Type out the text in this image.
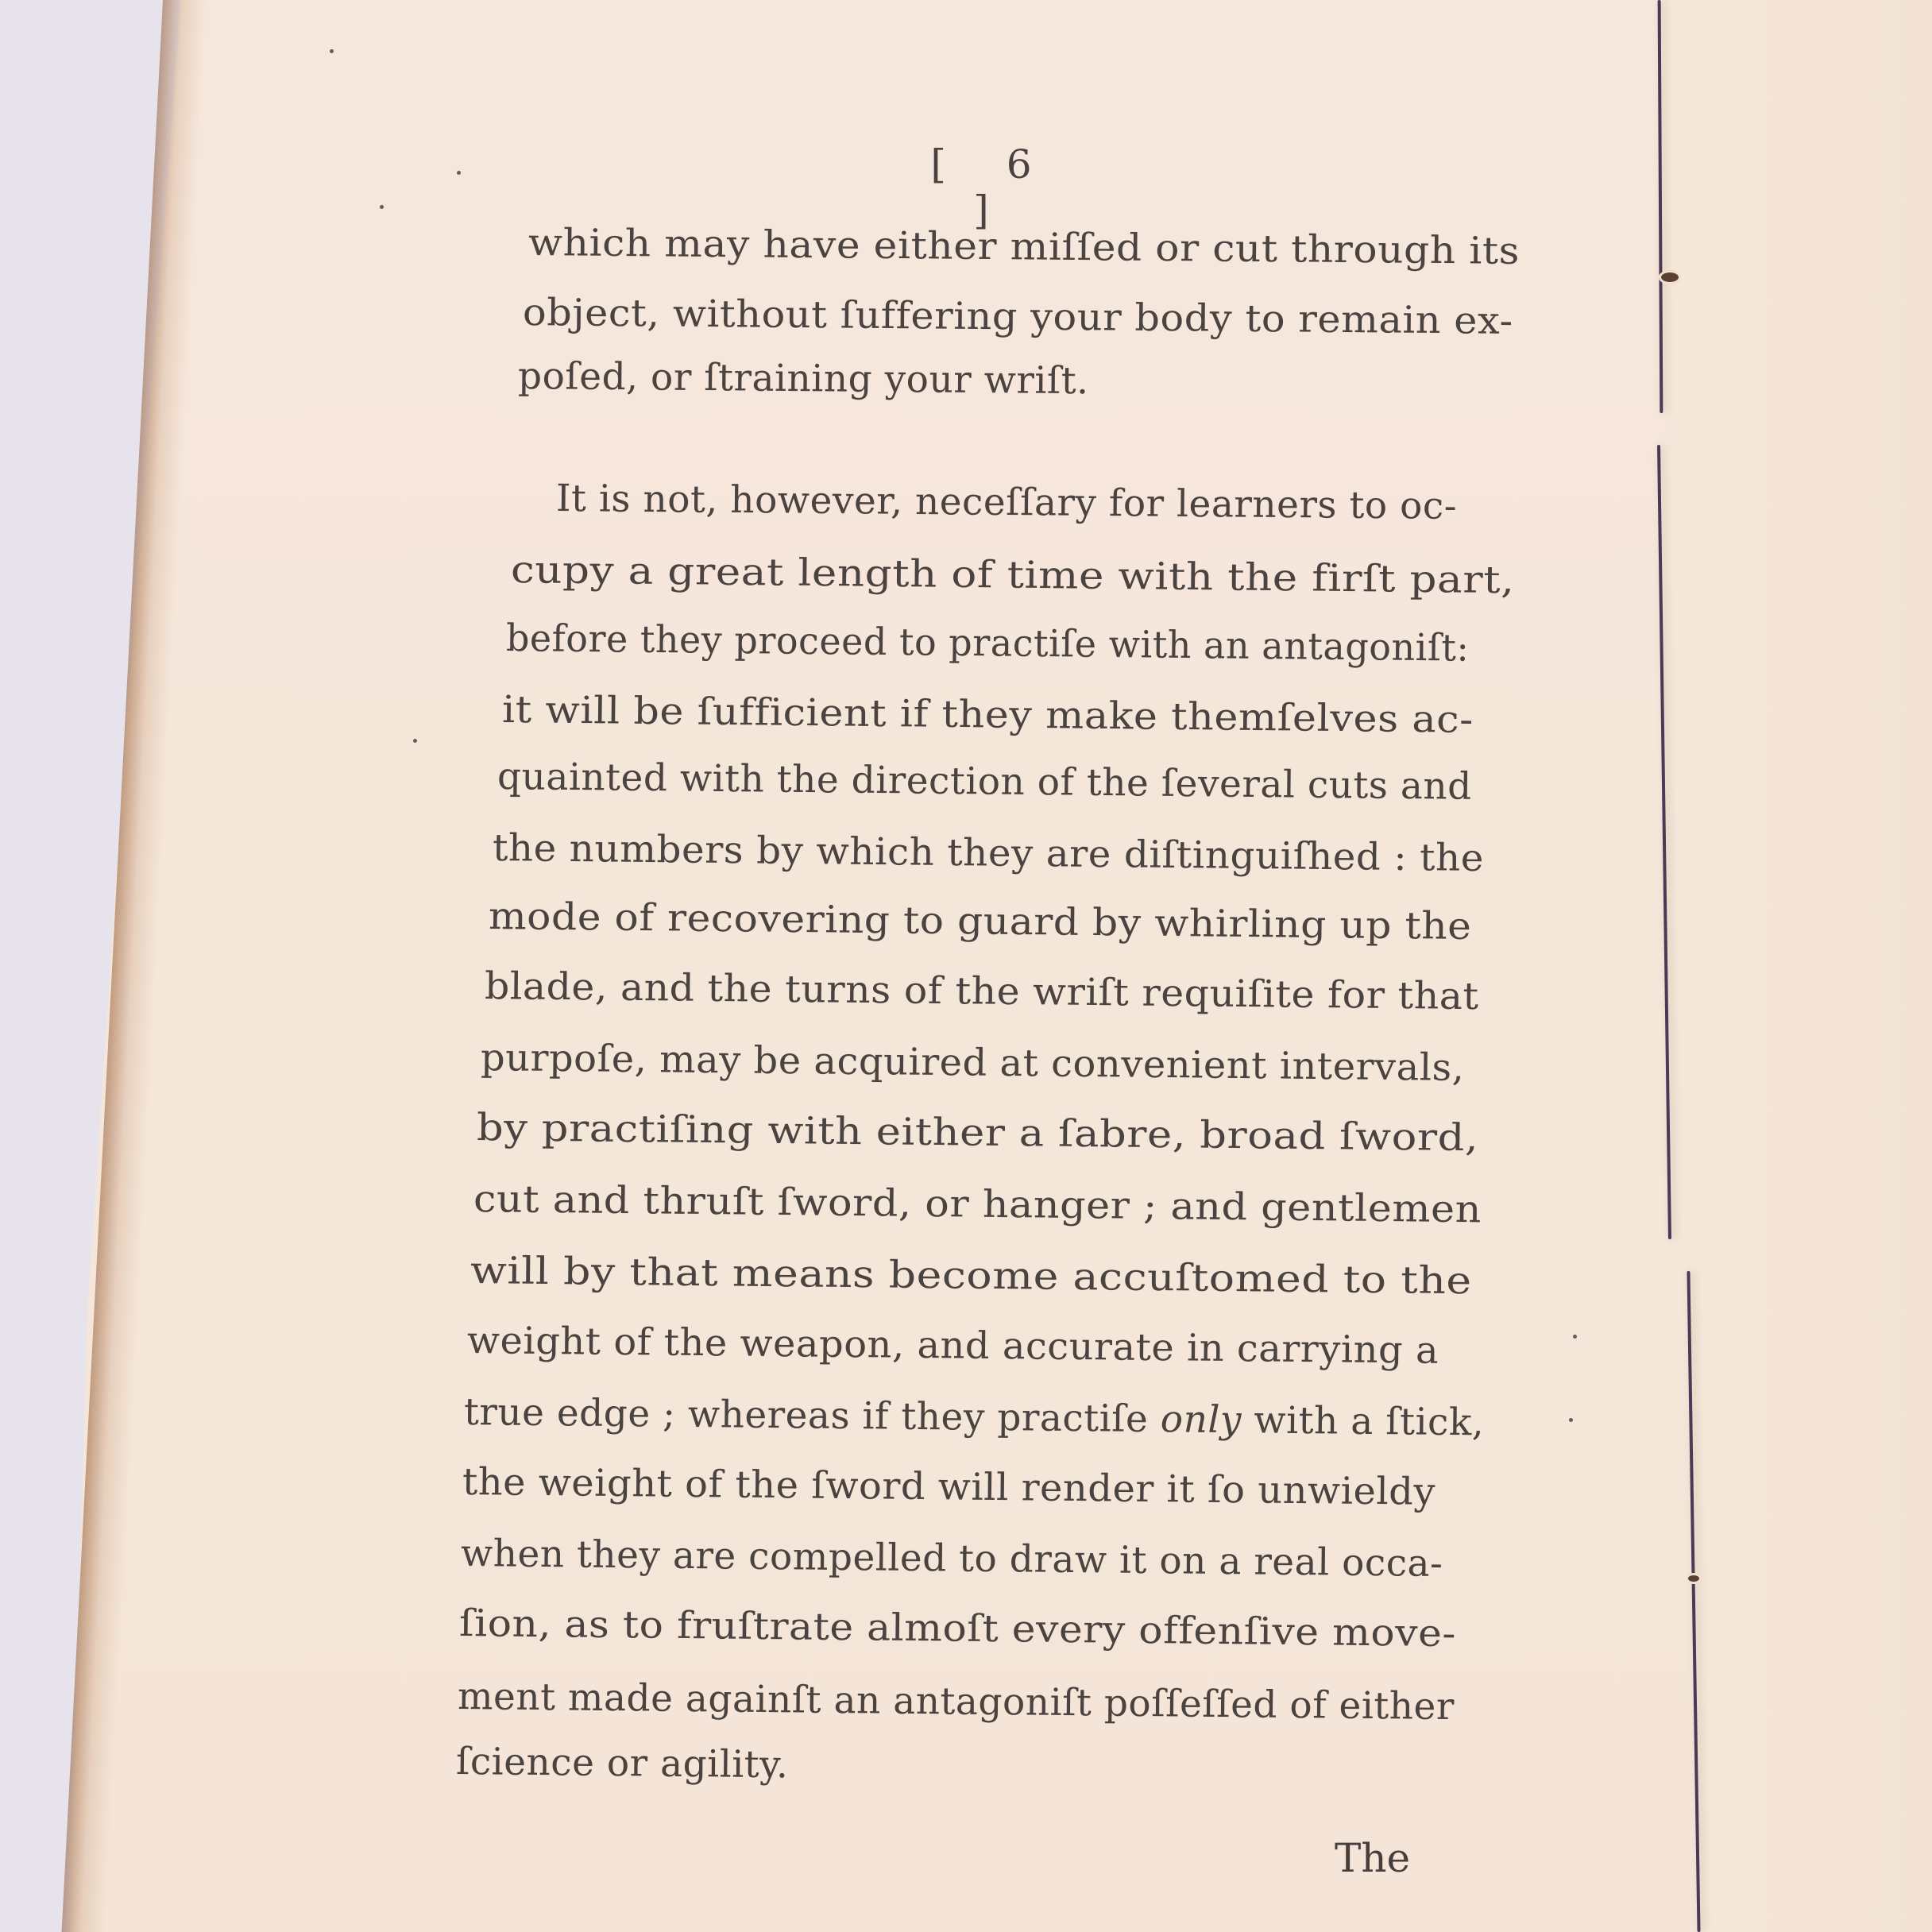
[ 6 ]
which may have either miſſed or cut through its
object, without ſuffering your body to remain ex-
poſed, or ſtraining your wriſt.
It is not, however, neceſſary for learners to oc-
cupy a great length of time with the firſt part,
before they proceed to practiſe with an antagoniſt:
it will be ſufficient if they make themſelves ac-
quainted with the direction of the ſeveral cuts and
the numbers by which they are diſtinguiſhed : the
mode of recovering to guard by whirling up the
blade, and the turns of the wriſt requiſite for that
purpoſe, may be acquired at convenient intervals,
by practiſing with either a ſabre, broad ſword,
cut and thruſt ſword, or hanger ; and gentlemen
will by that means become accuſtomed to the
weight of the weapon, and accurate in carrying a
true edge ; whereas if they practiſe only with a ſtick,
the weight of the ſword will render it ſo unwieldy
when they are compelled to draw it on a real occa-
ſion, as to fruſtrate almoſt every offenſive move-
ment made againſt an antagoniſt poſſeſſed of either
ſcience or agility.
The
